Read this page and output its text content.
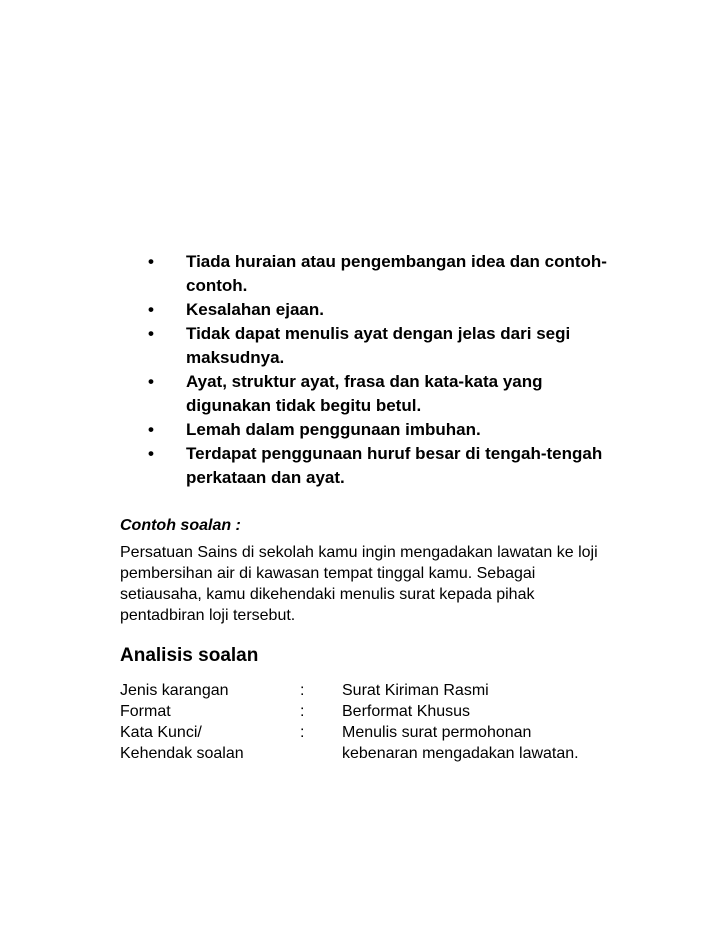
• Tiada huraian atau pengembangan idea dan contoh-contoh.
• Kesalahan ejaan.
• Tidak dapat menulis ayat dengan jelas dari segi maksudnya.
• Ayat, struktur ayat, frasa dan kata-kata yang digunakan tidak begitu betul.
• Lemah dalam penggunaan imbuhan.
• Terdapat penggunaan huruf besar di tengah-tengah perkataan dan ayat.
Contoh soalan :
Persatuan Sains di sekolah kamu ingin mengadakan lawatan ke loji pembersihan air di kawasan tempat tinggal kamu. Sebagai setiausaha, kamu dikehendaki menulis surat kepada pihak pentadbiran loji tersebut.
Analisis soalan
Jenis karangan	:	Surat Kiriman Rasmi
Format	:	Berformat Khusus
Kata Kunci/	:	Menulis surat permohonan
Kehendak soalan		kebenaran mengadakan lawatan.
